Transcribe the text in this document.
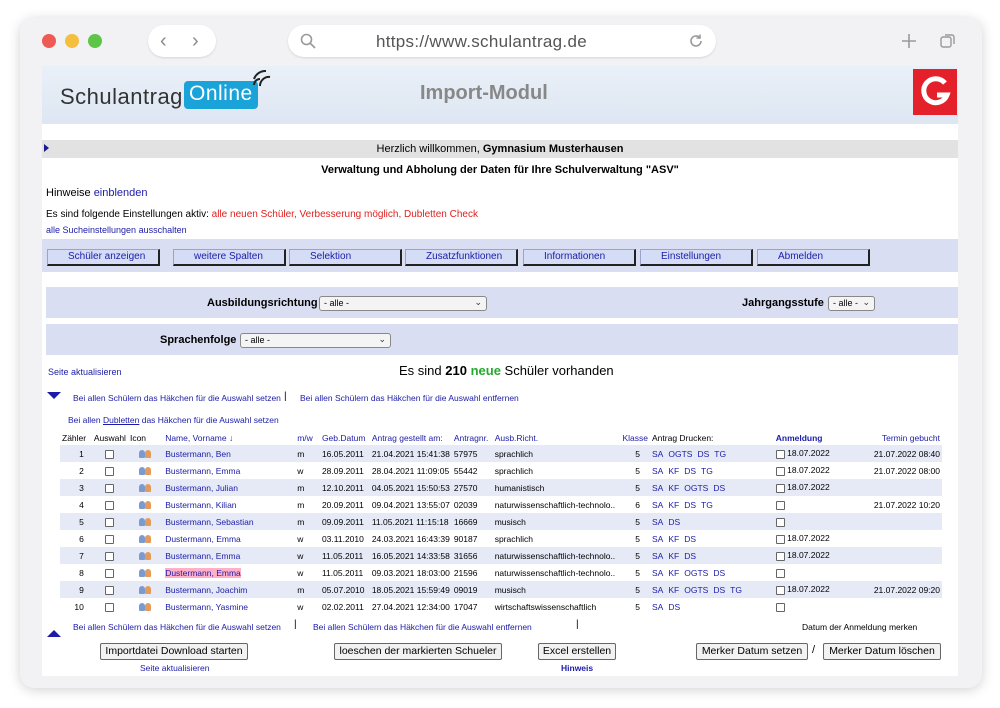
‹ ›	https://www.schulantrag.de
Schulantrag Online	Import-Modul
Herzlich willkommen, Gymnasium Musterhausen
Verwaltung und Abholung der Daten für Ihre Schulverwaltung "ASV"
Hinweise einblenden
Es sind folgende Einstellungen aktiv: alle neuen Schüler, Verbesserung möglich, Dubletten Check
alle Sucheinstellungen ausschalten
Schüler anzeigen	weitere Spalten	Selektion	Zusatzfunktionen	Informationen	Einstellungen	Abmelden
Ausbildungsrichtung - alle -	⌄	Jahrgangsstufe	- alle - ⌄
Sprachenfolge - alle -	⌄
Seite aktualisieren	Es sind 210 neue Schüler vorhanden
Bei allen Schülern das Häkchen für die Auswahl setzen | Bei allen Schülern das Häkchen für die Auswahl entfernen
Bei allen Dubletten das Häkchen für die Auswahl setzen
Zähler	Auswahl	Icon	Name, Vorname ↓	m/w	Geb.Datum	Antrag gestellt am:	Antragnr.	Ausb.Richt.	Klasse	Antrag Drucken:	Anmeldung	Termin gebucht
1			Bustermann, Ben	m	16.05.2011	21.04.2021 15:41:38	57975	sprachlich	5	SA OGTS DS TG	18.07.2022	21.07.2022 08:40
2			Bustermann, Emma	w	28.09.2011	28.04.2021 11:09:05	55442	sprachlich	5	SA KF DS TG	18.07.2022	21.07.2022 08:00
3			Bustermann, Julian	m	12.10.2011	04.05.2021 15:50:53	27570	humanistisch	5	SA KF OGTS DS	18.07.2022	
4			Bustermann, Kilian	m	20.09.2011	09.04.2021 13:55:07	02039	naturwissenschaftlich-technolo..	6	SA KF DS TG		21.07.2022 10:20
5			Bustermann, Sebastian	m	09.09.2011	11.05.2021 11:15:18	16669	musisch	5	SA DS		
6			Dustermann, Emma	w	03.11.2010	24.03.2021 16:43:39	90187	sprachlich	5	SA KF DS	18.07.2022	
7			Bustermann, Emma	w	11.05.2011	16.05.2021 14:33:58	31656	naturwissenschaftlich-technolo..	5	SA KF DS	18.07.2022	
8			Dustermann, Emma	w	11.05.2011	09.03.2021 18:03:00	21596	naturwissenschaftlich-technolo..	5	SA KF OGTS DS		
9			Bustermann, Joachim	m	05.07.2010	18.05.2021 15:59:49	09019	musisch	5	SA KF OGTS DS TG	18.07.2022	21.07.2022 09:20
10			Bustermann, Yasmine	w	02.02.2011	27.04.2021 12:34:00	17047	wirtschaftswissenschaftlich	5	SA DS		
Bei allen Schülern das Häkchen für die Auswahl setzen | Bei allen Schülern das Häkchen für die Auswahl entfernen	|	Datum der Anmeldung merken
Importdatei Download starten	loeschen der markierten Schueler	Excel erstellen	Merker Datum setzen /	Merker Datum löschen
Seite aktualisieren	Hinweis
